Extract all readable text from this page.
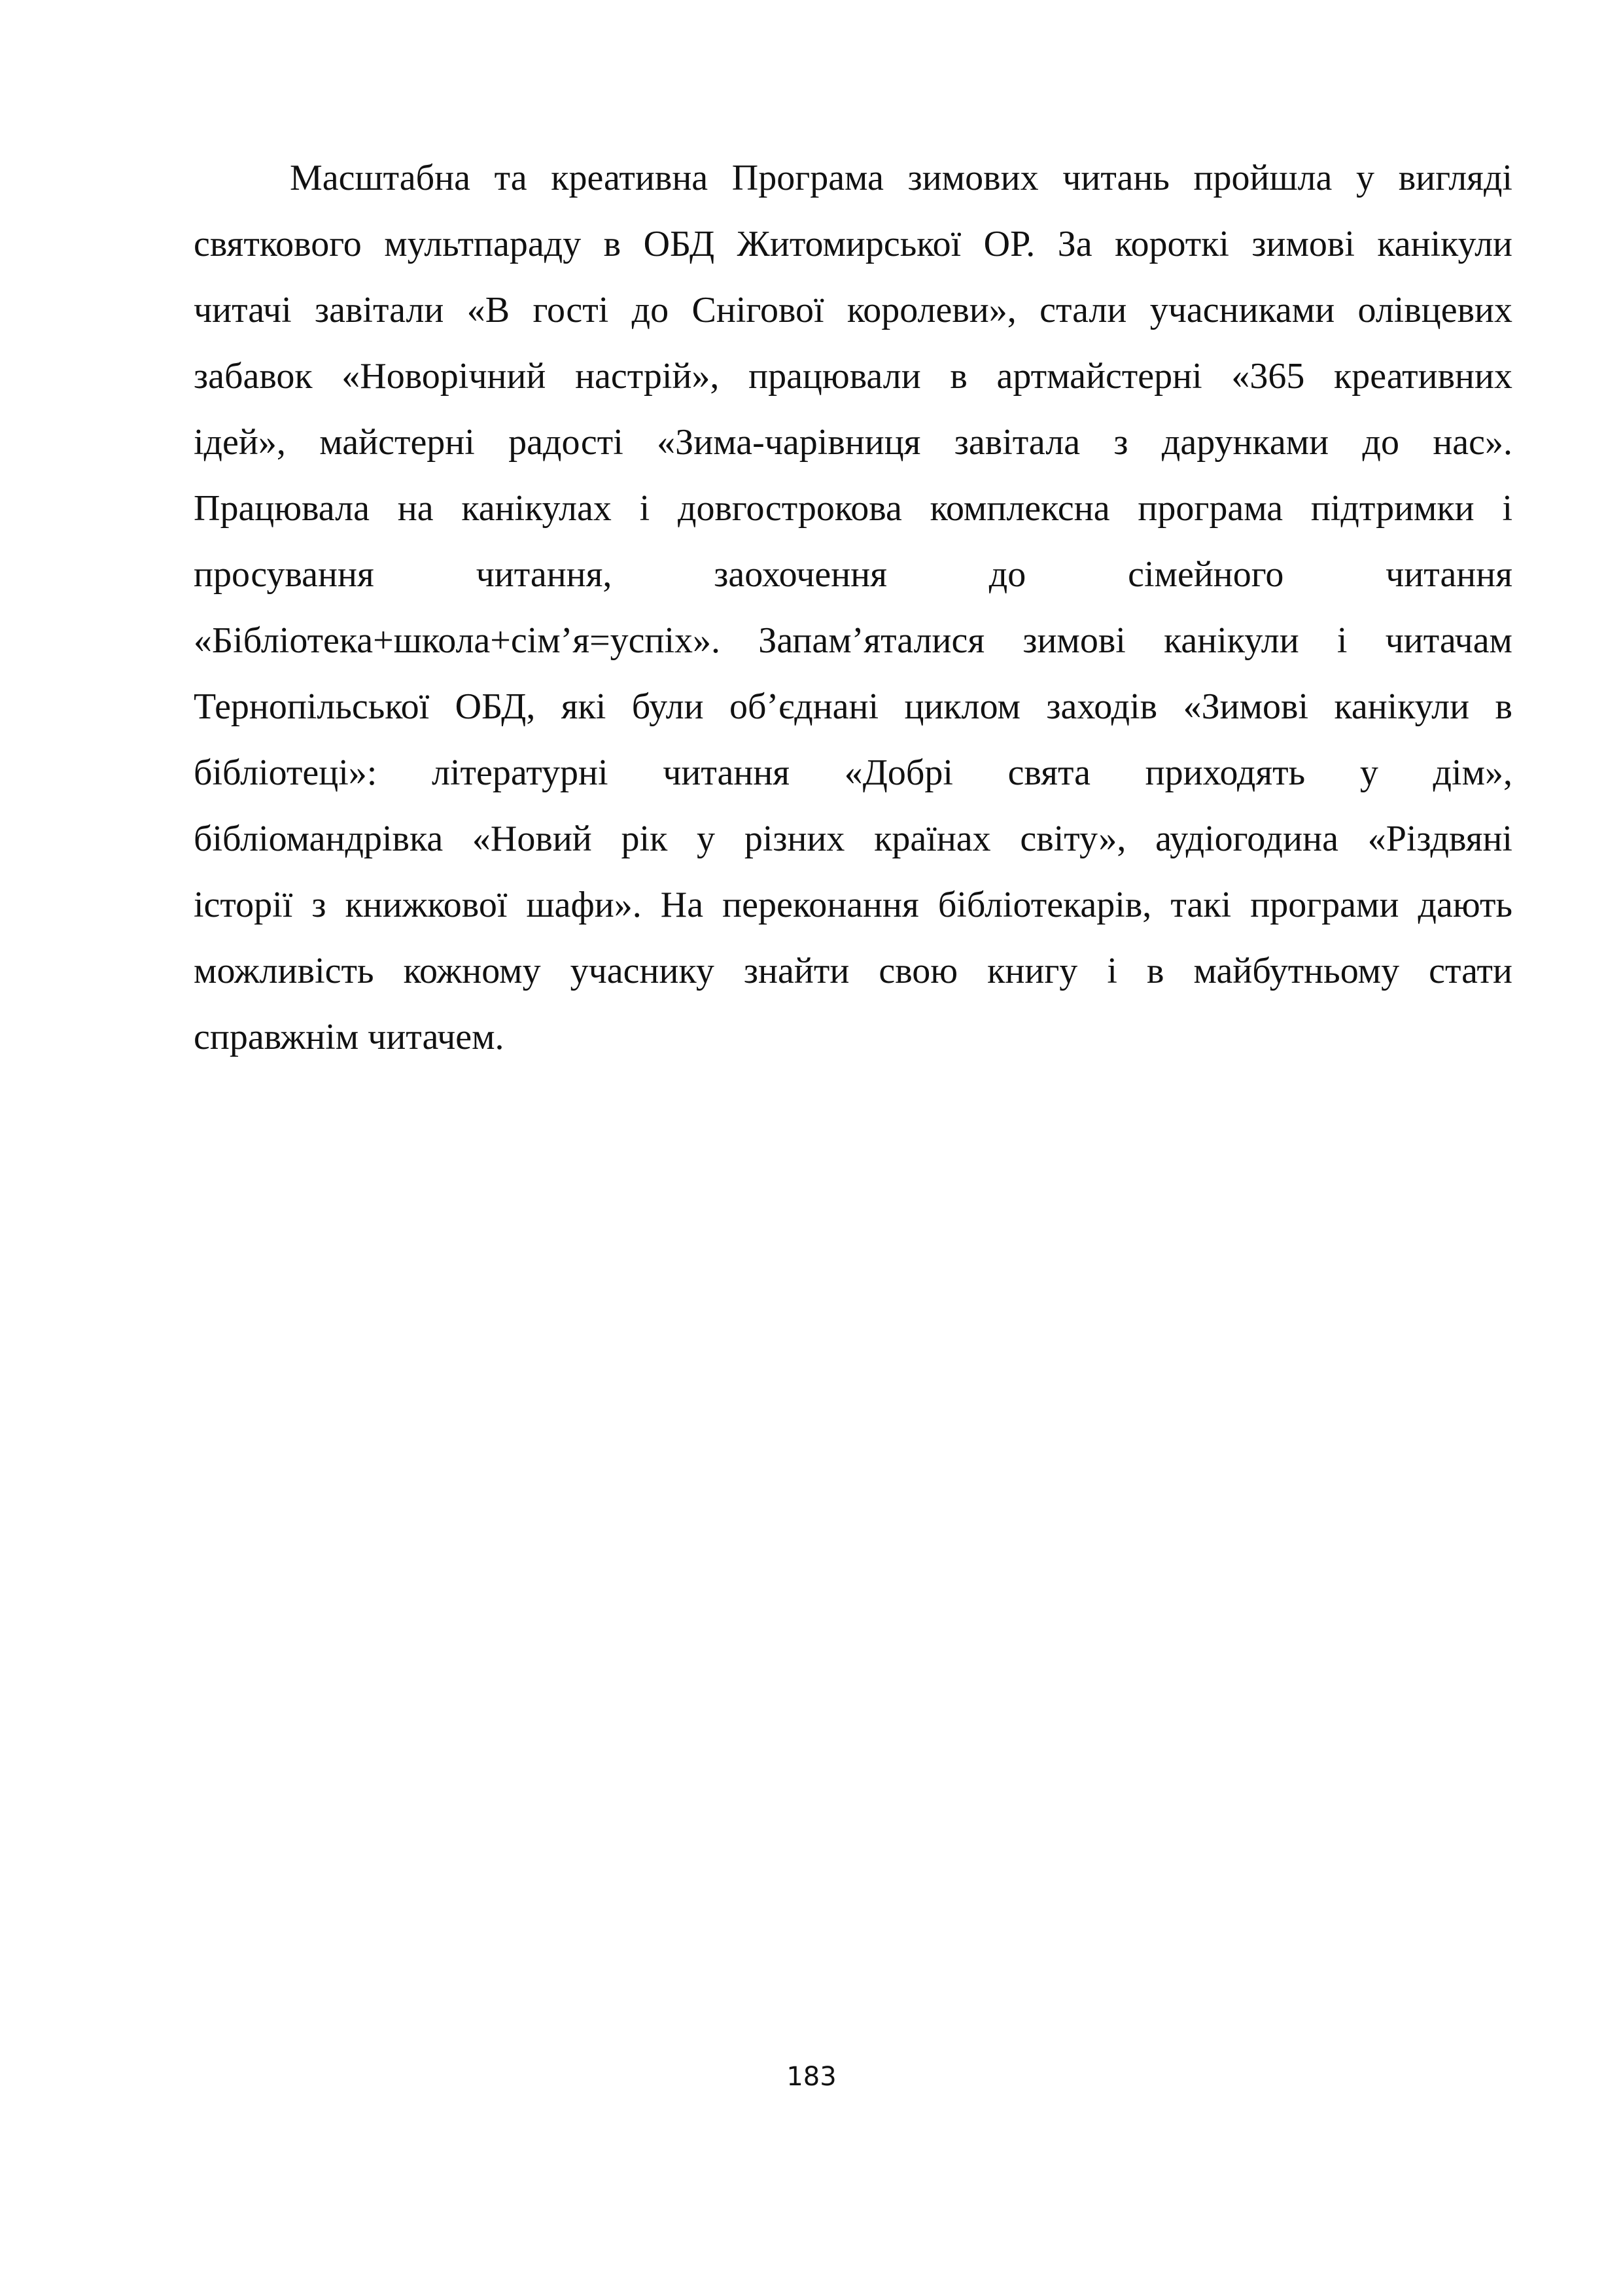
Масштабна та креативна Програма зимових читань пройшла у вигляді
святкового мультпараду в ОБД Житомирської ОР. За короткі зимові канікули
читачі завітали «В гості до Снігової королеви», стали учасниками олівцевих
забавок «Новорічний настрій», працювали в артмайстерні «365 креативних
ідей», майстерні радості «Зима-чарівниця завітала з дарунками до нас».
Працювала на канікулах і довгострокова комплексна програма підтримки і
просування читання, заохочення до сімейного читання
«Бібліотека+школа+сім’я=успіх». Запам’яталися зимові канікули і читачам
Тернопільської ОБД, які були об’єднані циклом заходів «Зимові канікули в
бібліотеці»: літературні читання «Добрі свята приходять у дім»,
бібліомандрівка «Новий рік у різних країнах світу», аудіогодина «Різдвяні
історії з книжкової шафи». На переконання бібліотекарів, такі програми дають
можливість кожному учаснику знайти свою книгу і в майбутньому стати
справжнім читачем.
183
